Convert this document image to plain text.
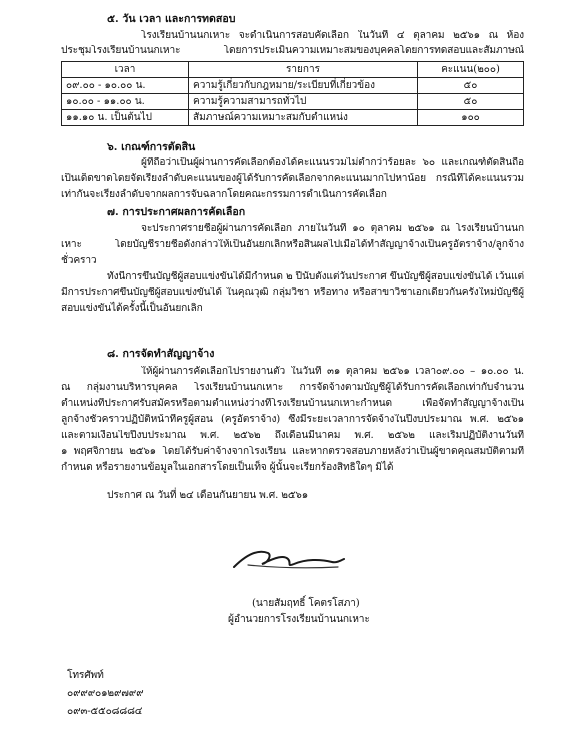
๕. วัน เวลา และการทดสอบ
โรงเรียนบ้านนกเหาะ จะดำเนินการสอบคัดเลือก ในวันที่ ๔ ตุลาคม ๒๕๖๑ ณ ห้อง
ประชุมโรงเรียนบ้านนกเหาะ โดยการประเมินความเหมาะสมของบุคคลโดยการทดสอบและสัมภาษณ์
เวลา	รายการ	คะแนน(๒๐๐)
๐๙.๐๐ - ๑๐.๐๐ น.	ความรู้เกี่ยวกับกฎหมาย/ระเบียบที่เกี่ยวข้อง	๕๐
๑๐.๐๐ - ๑๑.๐๐ น.	ความรู้ความสามารถทั่วไป	๕๐
๑๑.๑๐ น. เป็นต้นไป	สัมภาษณ์ความเหมาะสมกับตำแหน่ง	๑๐๐
๖. เกณฑ์การตัดสิน
ผู้ที่ถือว่าเป็นผู้ผ่านการคัดเลือกต้องได้คะแนนรวมไม่ต่ำกว่าร้อยละ ๖๐ และเกณฑ์ตัดสินถือ
เป็นเด็ดขาดโดยจัดเรียงลำดับคะแนนของผู้ได้รับการคัดเลือกจากคะแนนมากไปหาน้อย กรณีที่ได้คะแนนรวม
เท่ากันจะเรียงลำดับจากผลการจับฉลากโดยคณะกรรมการดำเนินการคัดเลือก
๗. การประกาศผลการคัดเลือก
จะประกาศรายชื่อผู้ผ่านการคัดเลือก ภายในวันที่ ๑๐ ตุลาคม ๒๕๖๑ ณ โรงเรียนบ้านนก
เหาะ โดยบัญชีรายชื่อดังกล่าวให้เป็นอันยกเลิกหรือสิ้นผลไปเมื่อได้ทำสัญญาจ้างเป็นครูอัตราจ้าง/ลูกจ้าง
ชั่วคราว
ทั้งนี้การขึ้นบัญชีผู้สอบแข่งขันได้มีกำหนด ๒ ปีนับตั้งแต่วันประกาศ ขึ้นบัญชีผู้สอบแข่งขันได้ เว้นแต่
มีการประกาศขึ้นบัญชีผู้สอบแข่งขันได้ ในคุณวุฒิ กลุ่มวิชา หรือทาง หรือสาขาวิชาเอกเดียวกันครั้งใหม่บัญชีผู้
สอบแข่งขันได้ครั้งนี้เป็นอันยกเลิก
๘. การจัดทำสัญญาจ้าง
ให้ผู้ผ่านการคัดเลือกไปรายงานตัว ในวันที่ ๓๑ ตุลาคม ๒๕๖๑ เวลา๐๙.๐๐ – ๑๐.๐๐ น.
ณ กลุ่มงานบริหารบุคคล โรงเรียนบ้านนกเหาะ การจัดจ้างตามบัญชีผู้ได้รับการคัดเลือกเท่ากับจำนวน
ตำแหน่งที่ประกาศรับสมัครหรือตามตำแหน่งว่างที่โรงเรียนบ้านนกเหาะกำหนด เพื่อจัดทำสัญญาจ้างเป็น
ลูกจ้างชั่วคราวปฏิบัติหน้าที่ครูผู้สอน (ครูอัตราจ้าง) ซึ่งมีระยะเวลาการจัดจ้างในปีงบประมาณ พ.ศ. ๒๕๖๑
และตามเงื่อนไขปีงบประมาณ พ.ศ. ๒๕๖๒ ถึงเดือนมีนาคม พ.ศ. ๒๕๖๒ และเริ่มปฏิบัติงานวันที่
๑ พฤศจิกายน ๒๕๖๑ โดยได้รับค่าจ้างจากโรงเรียน และหากตรวจสอบภายหลังว่าเป็นผู้ขาดคุณสมบัติตามที่
กำหนด หรือรายงานข้อมูลในเอกสารโดยเป็นเท็จ ผู้นั้นจะเรียกร้องสิทธิใดๆ มิได้
ประกาศ ณ วันที่ ๒๔ เดือนกันยายน พ.ศ. ๒๕๖๑
(นายสัมฤทธิ์ โคตรโสภา)
ผู้อำนวยการโรงเรียนบ้านนกเหาะ
โทรศัพท์
๐๙๙๙๐๑๒๙๗๙๙
๐๙๓-๕๕๐๘๘๘๔
